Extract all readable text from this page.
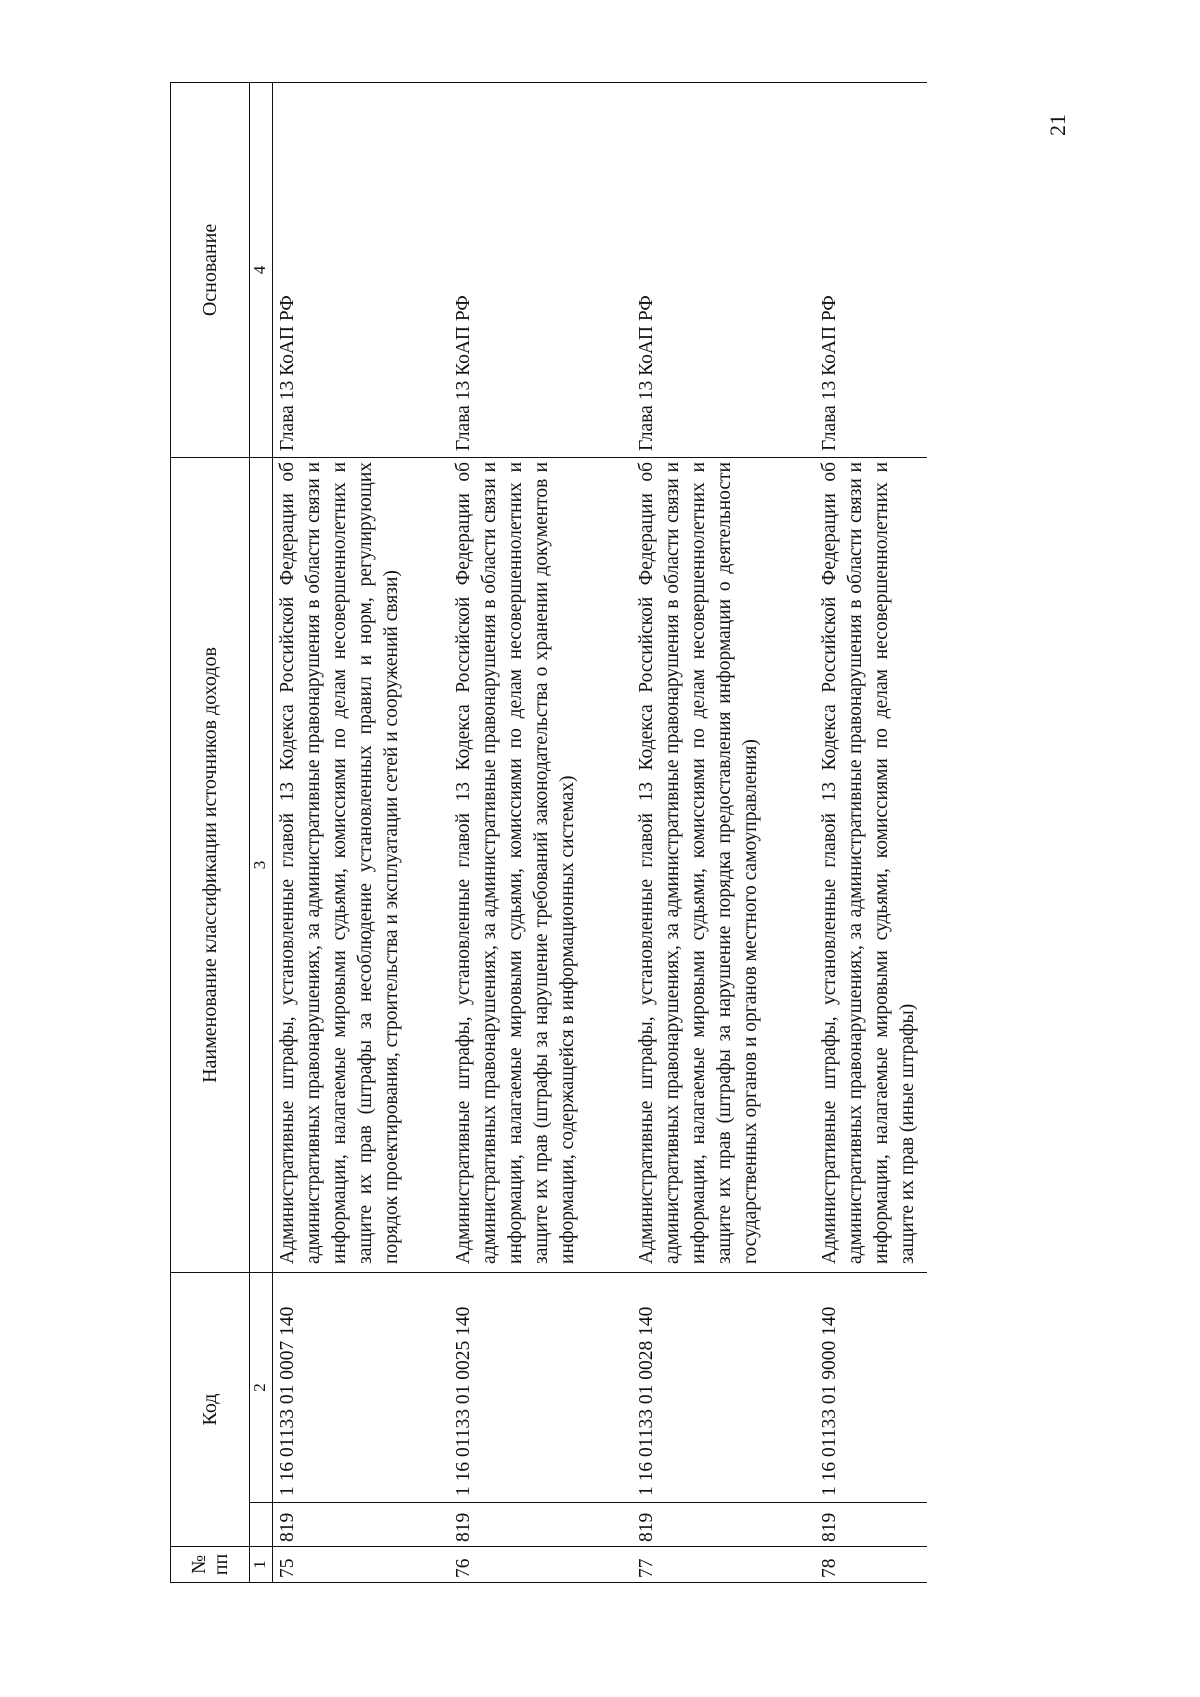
21
№
пп	Код		Наименование классификации источников доходов	Основание
1		2	3	4
75	819	1 16 01133 01 0007 140	Административные штрафы, установленные главой 13 Кодекса Российской Федерации об административных правонарушениях, за административные правонарушения в области связи и информации, налагаемые мировыми судьями, комиссиями по делам несовершеннолетних и защите их прав (штрафы за несоблюдение установленных правил и норм, регулирующих порядок проектирования, строительства и эксплуатации сетей и сооружений связи)	Глава 13 КоАП РФ
76	819	1 16 01133 01 0025 140	Административные штрафы, установленные главой 13 Кодекса Российской Федерации об административных правонарушениях, за административные правонарушения в области связи и информации, налагаемые мировыми судьями, комиссиями по делам несовершеннолетних и защите их прав (штрафы за нарушение требований законодательства о хранении документов и информации, содержащейся в информационных системах)	Глава 13 КоАП РФ
77	819	1 16 01133 01 0028 140	Административные штрафы, установленные главой 13 Кодекса Российской Федерации об административных правонарушениях, за административные правонарушения в области связи и информации, налагаемые мировыми судьями, комиссиями по делам несовершеннолетних и защите их прав (штрафы за нарушение порядка предоставления информации о деятельности государственных органов и органов местного самоуправления)	Глава 13 КоАП РФ
78	819	1 16 01133 01 9000 140	Административные штрафы, установленные главой 13 Кодекса Российской Федерации об административных правонарушениях, за административные правонарушения в области связи и информации, налагаемые мировыми судьями, комиссиями по делам несовершеннолетних и защите их прав (иные штрафы)	Глава 13 КоАП РФ
